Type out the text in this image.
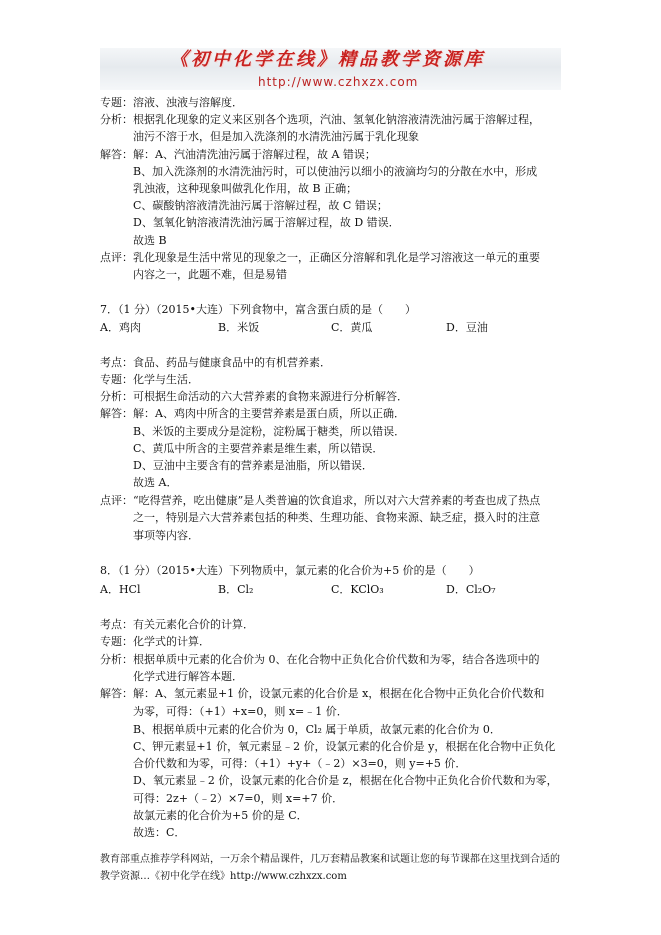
《初中化学在线》精品教学资源库
http://www.czhxzx.com
专题：溶液、浊液与溶解度．
分析：根据乳化现象的定义来区别各个选项，汽油、氢氧化钠溶液清洗油污属于溶解过程，
油污不溶于水，但是加入洗涤剂的水清洗油污属于乳化现象
解答：解：A、汽油清洗油污属于溶解过程，故 A 错误；
B、加入洗涤剂的水清洗油污时，可以使油污以细小的液滴均匀的分散在水中，形成
乳浊液，这种现象叫做乳化作用，故 B 正确；
C、碳酸钠溶液清洗油污属于溶解过程，故 C 错误；
D、氢氧化钠溶液清洗油污属于溶解过程，故 D 错误．
故选 B
点评：乳化现象是生活中常见的现象之一，正确区分溶解和乳化是学习溶液这一单元的重要
内容之一，此题不难，但是易错
7．（1 分）（2015•大连）下列食物中，富含蛋白质的是（　　）
A．鸡肉	B．米饭	C．黄瓜	D．豆油
考点：食品、药品与健康食品中的有机营养素．
专题：化学与生活．
分析：可根据生命活动的六大营养素的食物来源进行分析解答．
解答：解：A、鸡肉中所含的主要营养素是蛋白质，所以正确．
B、米饭的主要成分是淀粉，淀粉属于糖类，所以错误．
C、黄瓜中所含的主要营养素是维生素，所以错误．
D、豆油中主要含有的营养素是油脂，所以错误．
故选 A．
点评：“吃得营养，吃出健康”是人类普遍的饮食追求，所以对六大营养素的考查也成了热点
之一，特别是六大营养素包括的种类、生理功能、食物来源、缺乏症，摄入时的注意
事项等内容．
8．（1 分）（2015•大连）下列物质中，氯元素的化合价为+5 价的是（　　）
A．HCl	B．Cl₂	C．KClO₃	D．Cl₂O₇
考点：有关元素化合价的计算．
专题：化学式的计算．
分析：根据单质中元素的化合价为 0、在化合物中正负化合价代数和为零，结合各选项中的
化学式进行解答本题．
解答：解：A、氢元素显+1 价，设氯元素的化合价是 x，根据在化合物中正负化合价代数和
为零，可得：（+1）+x=0，则 x=﹣1 价．
B、根据单质中元素的化合价为 0，Cl₂ 属于单质，故氯元素的化合价为 0．
C、钾元素显+1 价，氧元素显﹣2 价，设氯元素的化合价是 y，根据在化合物中正负化
合价代数和为零，可得：（+1）+y+（﹣2）×3=0，则 y=+5 价．
D、氧元素显﹣2 价，设氯元素的化合价是 z，根据在化合物中正负化合价代数和为零，
可得：2z+（﹣2）×7=0，则 x=+7 价．
故氯元素的化合价为+5 价的是 C．
故选：C．
教育部重点推荐学科网站，一万余个精品课件，几万套精品教案和试题让您的每节课都在这里找到合适的
教学资源…《初中化学在线》http://www.czhxzx.com
